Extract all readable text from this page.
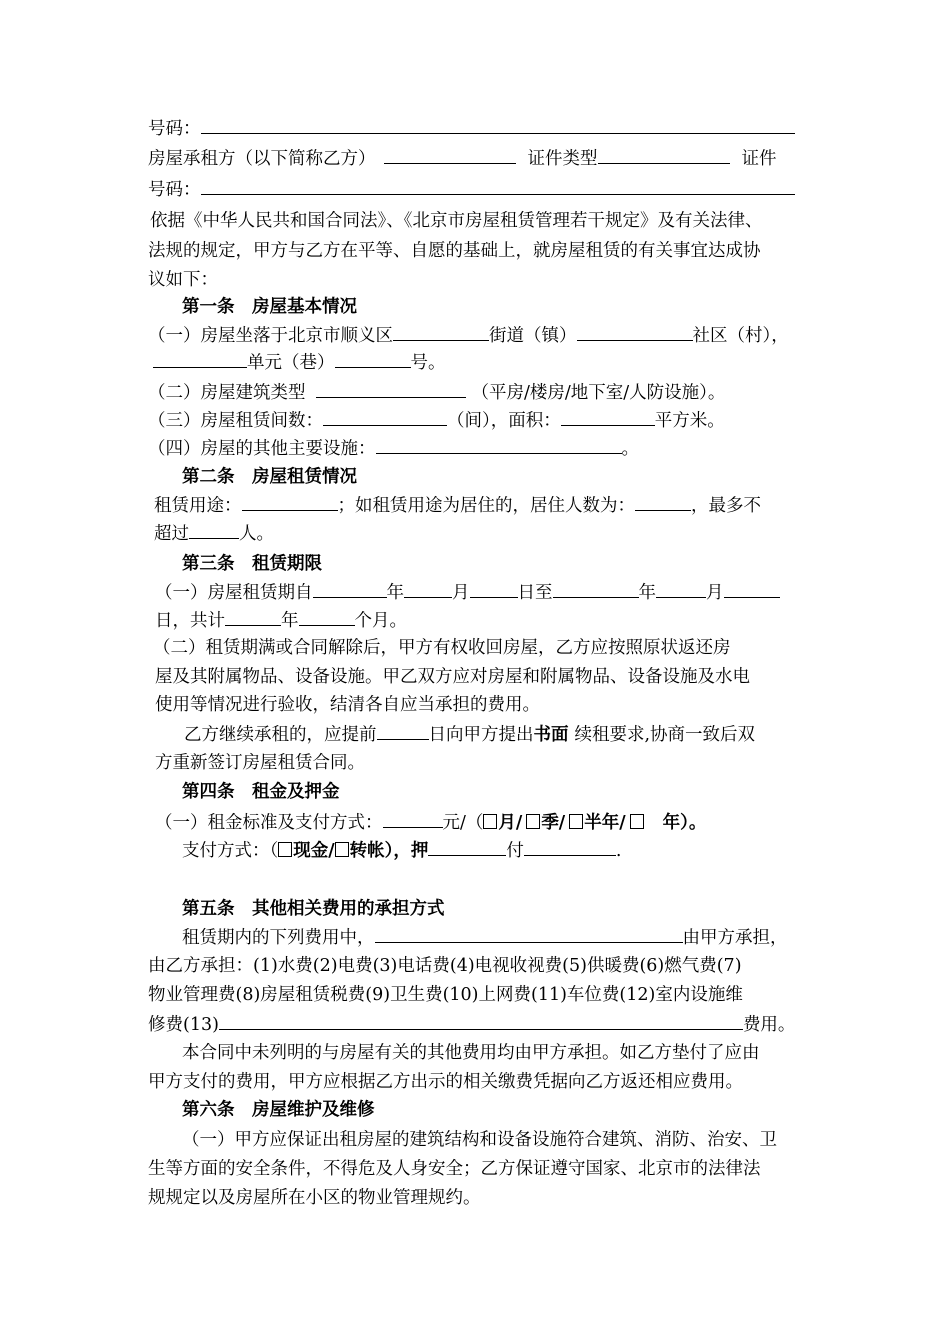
号码：
房屋承租方（以下简称乙方）	证件类型	证件
号码：
依据《中华人民共和国合同法》、《北京市房屋租赁管理若干规定》及有关法律、
法规的规定，甲方与乙方在平等、自愿的基础上，就房屋租赁的有关事宜达成协
议如下：
第一条　房屋基本情况
（一）房屋坐落于北京市顺义区	街道（镇）	社区（村），
单元（巷）	号。
（二）房屋建筑类型	（平房/楼房/地下室/人防设施）。
（三）房屋租赁间数：	（间），面积：	平方米。
（四）房屋的其他主要设施：	。
第二条　房屋租赁情况
租赁用途：	；如租赁用途为居住的，居住人数为：	，最多不
超过	人。
第三条　租赁期限
（一）房屋租赁期自	年	月	日至	年	月
日，共计	年	个月。
（二）租赁期满或合同解除后，甲方有权收回房屋，乙方应按照原状返还房
屋及其附属物品、设备设施。甲乙双方应对房屋和附属物品、设备设施及水电
使用等情况进行验收，结清各自应当承担的费用。
乙方继续承租的，应提前	日向甲方提出书面 续租要求,协商一致后双
方重新签订房屋租赁合同。
第四条　租金及押金
（一）租金标准及支付方式：	元/（ 月/ 季/ 半年/ 年）。
支付方式：（ 现金/ 转帐），押	付	.
第五条　其他相关费用的承担方式
租赁期内的下列费用中，	由甲方承担，
由乙方承担：(1)水费(2)电费(3)电话费(4)电视收视费(5)供暖费(6)燃气费(7)
物业管理费(8)房屋租赁税费(9)卫生费(10)上网费(11)车位费(12)室内设施维
修费(13)	费用。
本合同中未列明的与房屋有关的其他费用均由甲方承担。如乙方垫付了应由
甲方支付的费用，甲方应根据乙方出示的相关缴费凭据向乙方返还相应费用。
第六条　房屋维护及维修
（一）甲方应保证出租房屋的建筑结构和设备设施符合建筑、消防、治安、卫
生等方面的安全条件，不得危及人身安全；乙方保证遵守国家、北京市的法律法
规规定以及房屋所在小区的物业管理规约。
